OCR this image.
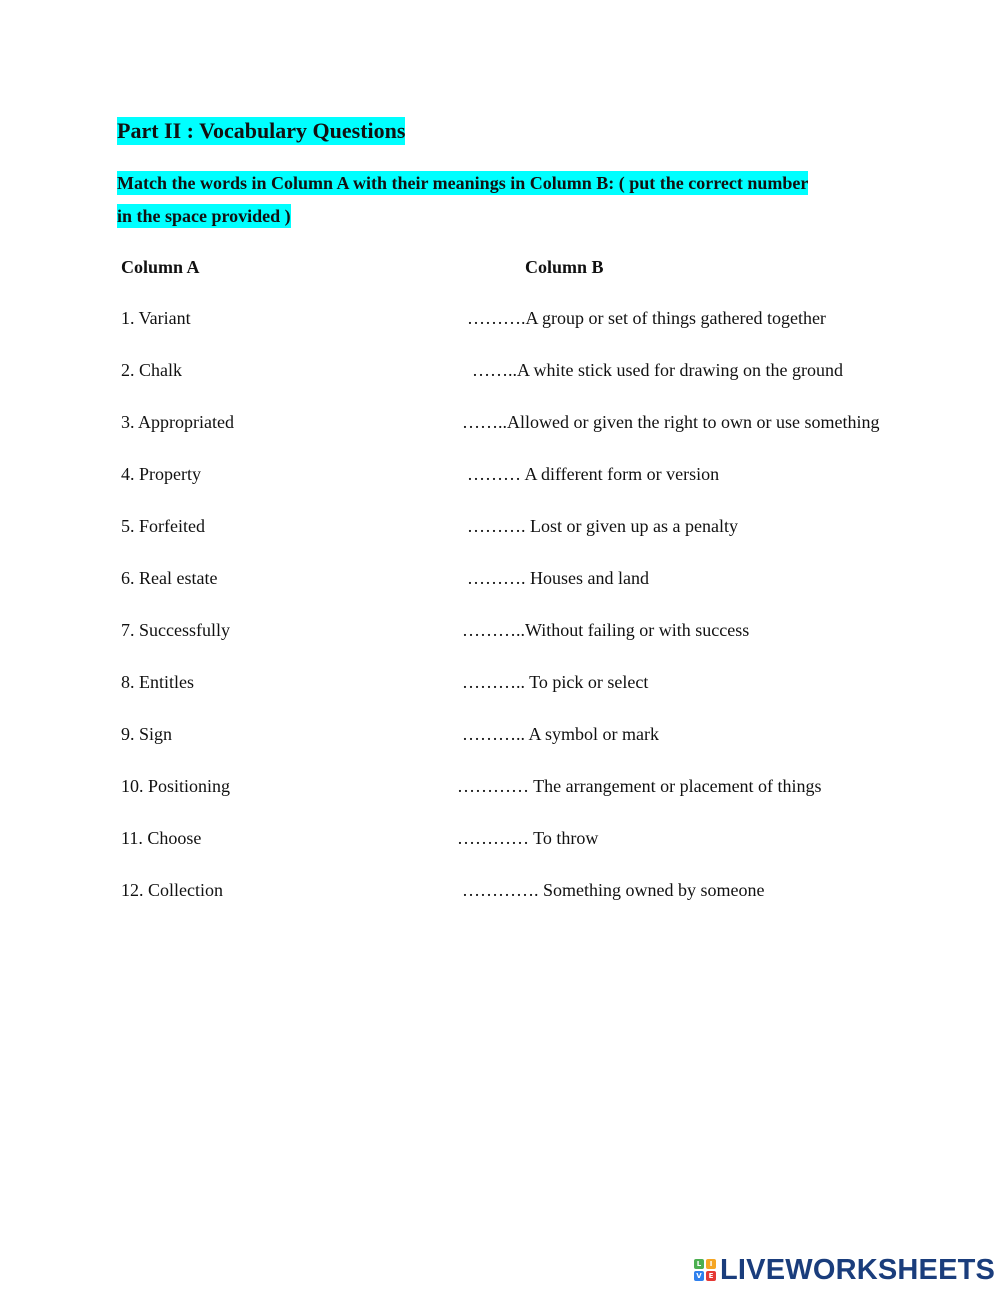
Part II : Vocabulary Questions
Match the words in Column A with their meanings in Column B: ( put the correct number
in the space provided )
Column A	Column B
1. Variant	……….A group or set of things gathered together
2. Chalk	……..A white stick used for drawing on the ground
3. Appropriated	……..Allowed or given the right to own or use something
4. Property	……… A different form or version
5. Forfeited	………. Lost or given up as a penalty
6. Real estate	………. Houses and land
7. Successfully	………..Without failing or with success
8. Entitles	……….. To pick or select
9. Sign	……….. A symbol or mark
10. Positioning	………… The arrangement or placement of things
11. Choose	………… To throw
12. Collection	…………. Something owned by someone
L	I
V E LIVEWORKSHEETS
